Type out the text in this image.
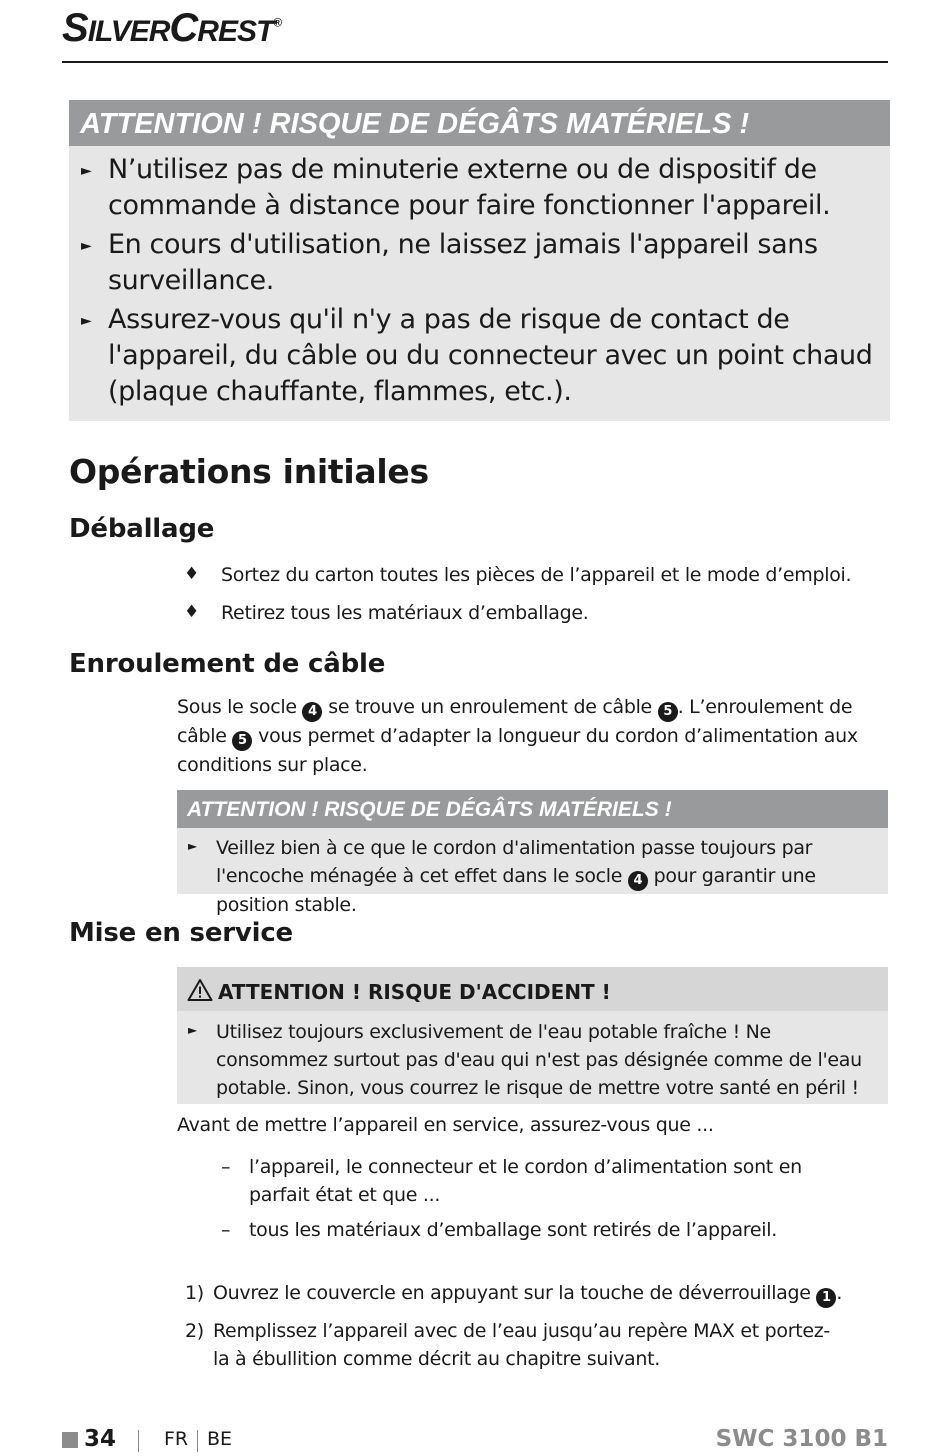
SILVERCREST®
ATTENTION ! RISQUE DE DÉGÂTS MATÉRIELS !
► N’utilisez pas de minuterie externe ou de dispositif de commande à distance pour faire fonctionner l'appareil.
► En cours d'utilisation, ne laissez jamais l'appareil sans surveillance.
► Assurez-vous qu'il n'y a pas de risque de contact de l'appareil, du câble ou du connecteur avec un point chaud (plaque chauffante, flammes, etc.).
Opérations initiales
Déballage
♦ Sortez du carton toutes les pièces de l’appareil et le mode d’emploi.
♦ Retirez tous les matériaux d’emballage.
Enroulement de câble
Sous le socle 4 se trouve un enroulement de câble 5 . L’enroulement de câble 5 vous permet d’adapter la longueur du cordon d’alimentation aux conditions sur place.
ATTENTION ! RISQUE DE DÉGÂTS MATÉRIELS !
► Veillez bien à ce que le cordon d'alimentation passe toujours par l'encoche ménagée à cet effet dans le socle 4 pour garantir une position stable.
Mise en service
ATTENTION ! RISQUE D'ACCIDENT !
► Utilisez toujours exclusivement de l'eau potable fraîche ! Ne consommez surtout pas d'eau qui n'est pas désignée comme de l'eau potable. Sinon, vous courrez le risque de mettre votre santé en péril !
Avant de mettre l’appareil en service, assurez-vous que ...
– l’appareil, le connecteur et le cordon d’alimentation sont en parfait état et que ...
– tous les matériaux d’emballage sont retirés de l’appareil.
1) Ouvrez le couvercle en appuyant sur la touche de déverrouillage 1 .
2) Remplissez l’appareil avec de l’eau jusqu’au repère MAX et portez-la à ébullition comme décrit au chapitre suivant.
34	FR BE	SWC 3100 B1
